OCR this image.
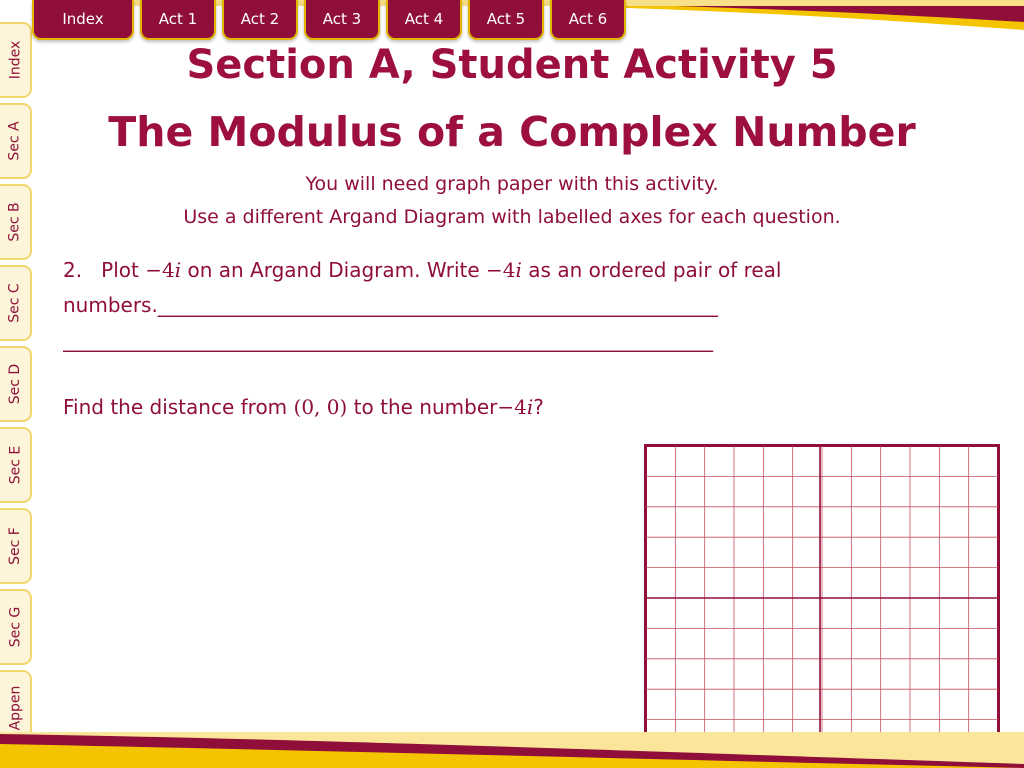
Index
Sec A
Sec B
Sec C
Sec D
Sec E
Sec F
Sec G
Appen
Index	Act 1	Act 2	Act 3	Act 4	Act 5	Act 6
Section A, Student Activity 5
The Modulus of a Complex Number
You will need graph paper with this activity.
Use a different Argand Diagram with labelled axes for each question.
2. Plot −4𝑖 on an Argand Diagram. Write −4𝑖 as an ordered pair of real
numbers.________________________________________________________
_________________________________________________________________
Find the distance from (0, 0) to the number−4𝑖?
